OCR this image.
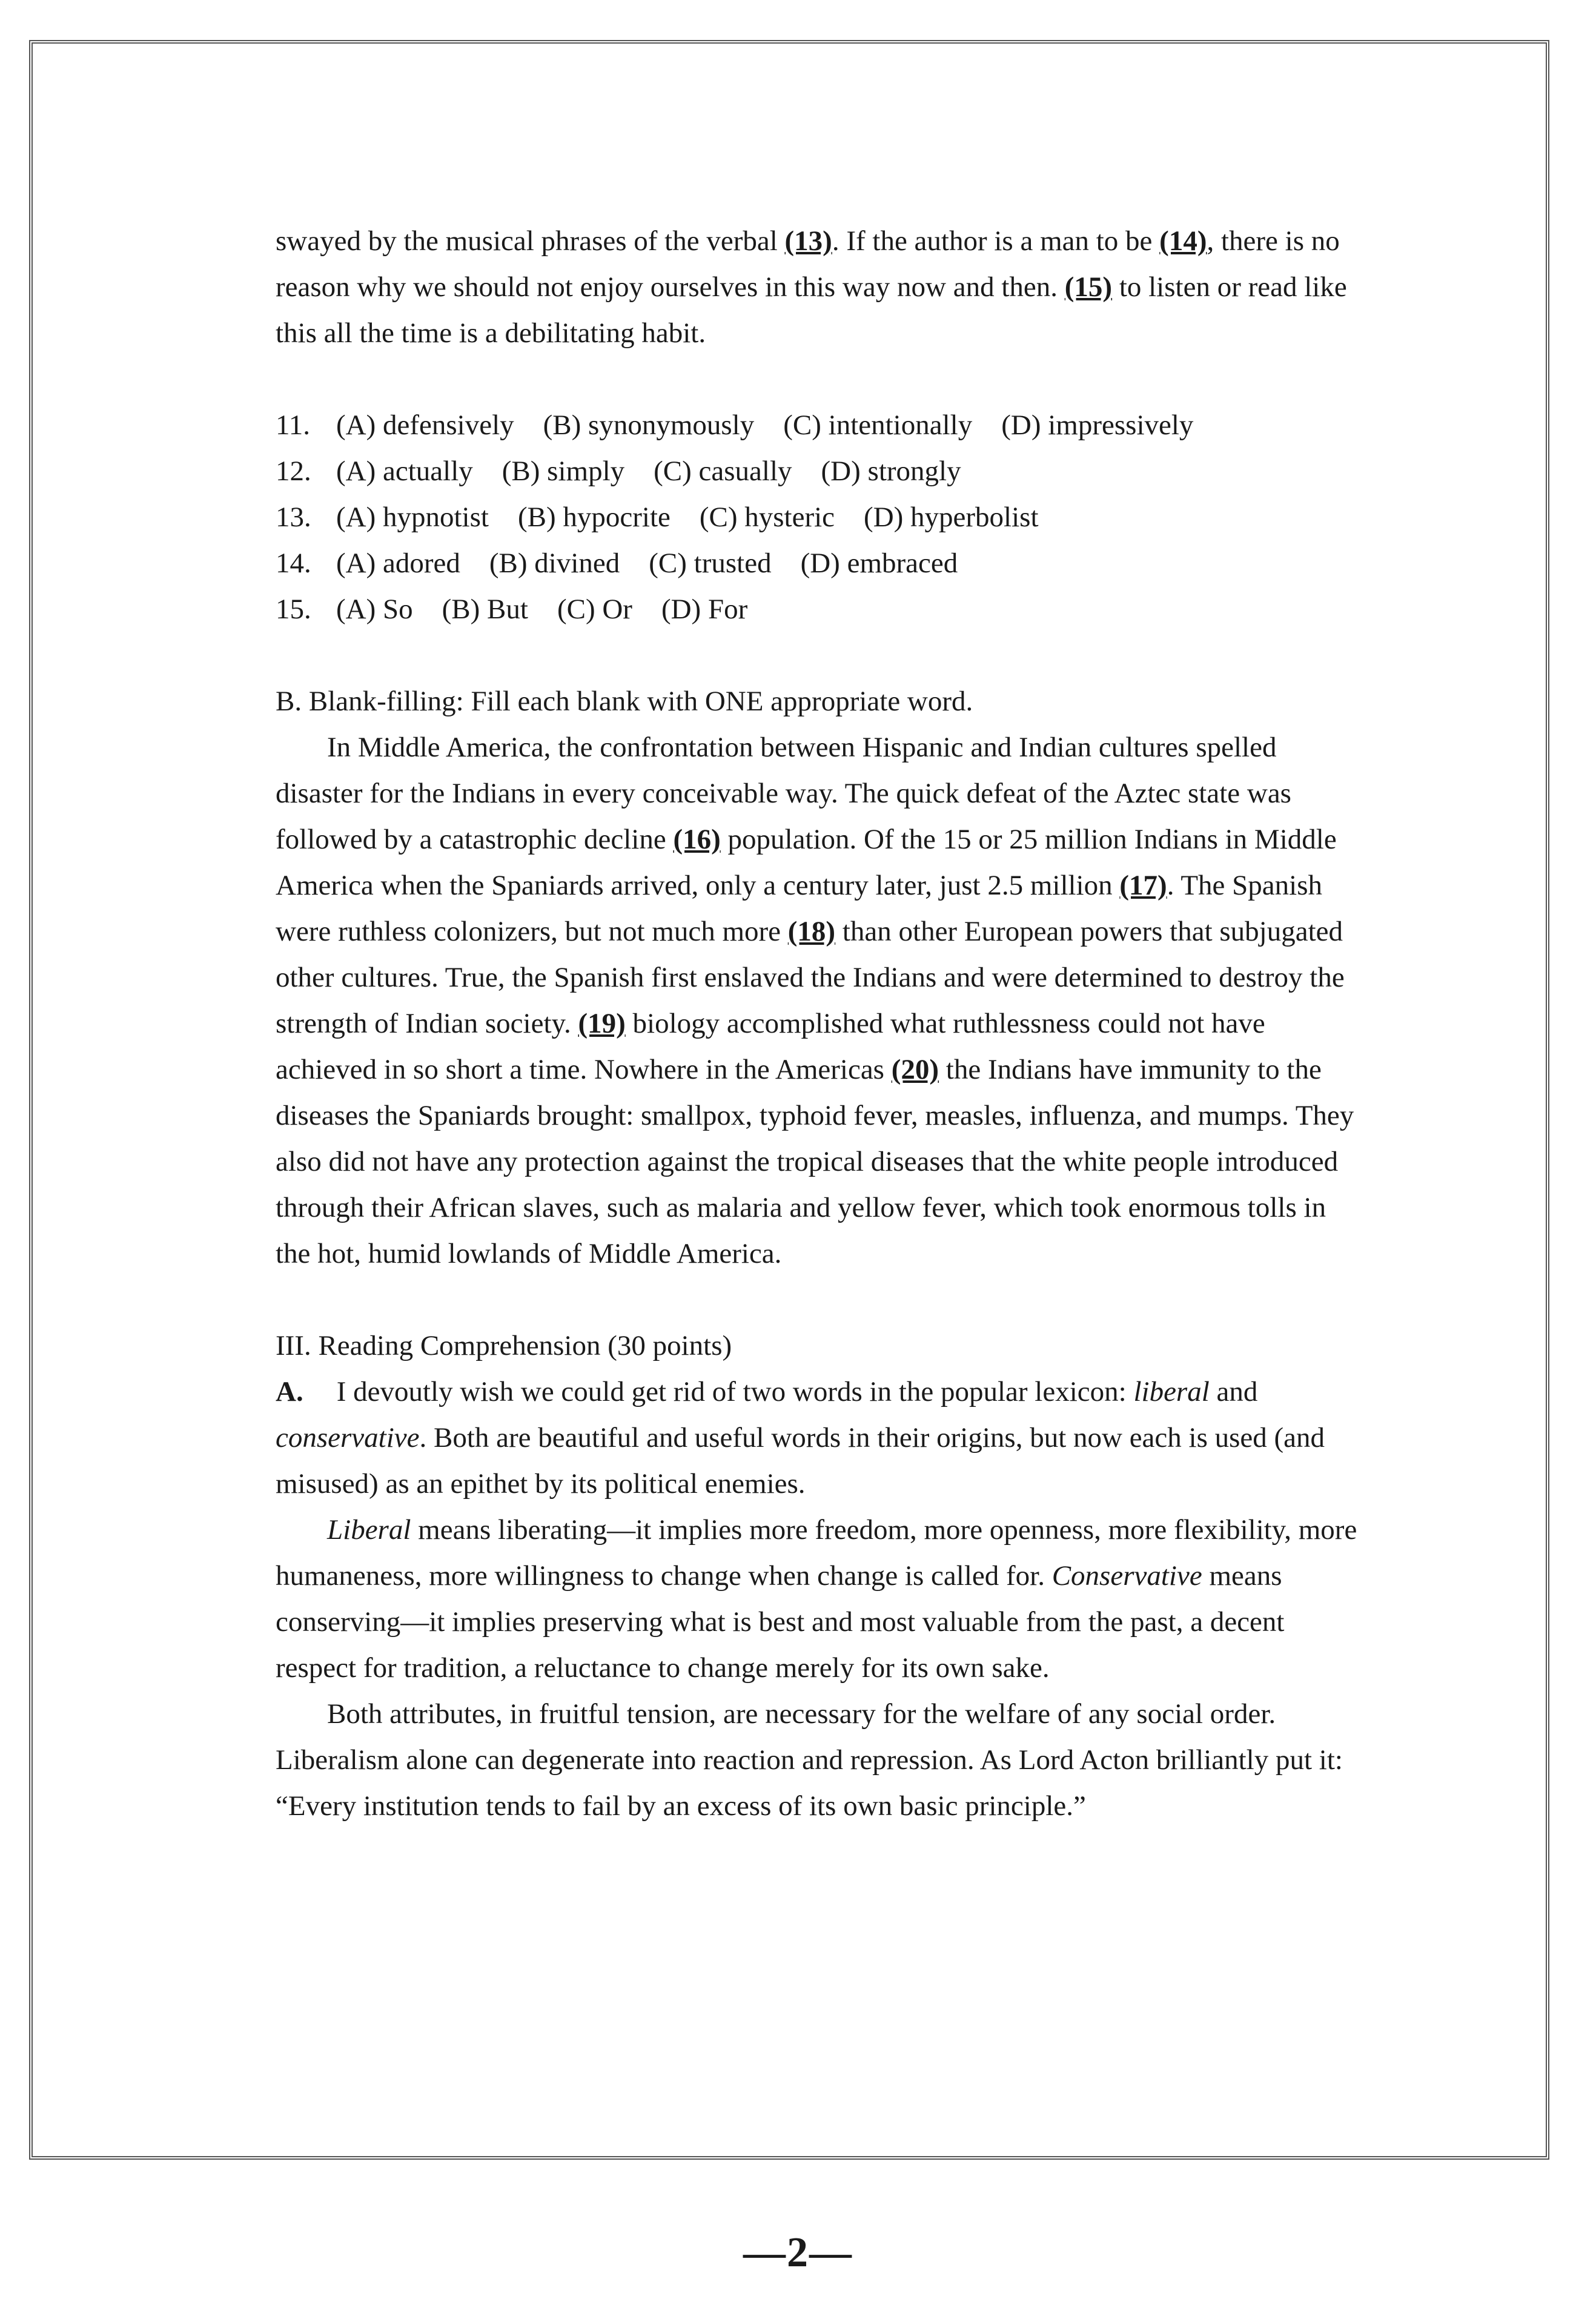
swayed by the musical phrases of the verbal (13). If the author is a man to be (14), there is no reason why we should not enjoy ourselves in this way now and then. (15) to listen or read like this all the time is a debilitating habit.

11. (A) defensively (B) synonymously (C) intentionally (D) impressively

12. (A) actually (B) simply (C) casually (D) strongly

13. (A) hypnotist (B) hypocrite (C) hysteric (D) hyperbolist

14. (A) adored (B) divined (C) trusted (D) embraced

15. (A) So (B) But (C) Or (D) For

B. Blank-filling: Fill each blank with ONE appropriate word.

In Middle America, the confrontation between Hispanic and Indian cultures spelled disaster for the Indians in every conceivable way. The quick defeat of the Aztec state was followed by a catastrophic decline (16) population. Of the 15 or 25 million Indians in Middle America when the Spaniards arrived, only a century later, just 2.5 million (17). The Spanish were ruthless colonizers, but not much more (18) than other European powers that subjugated other cultures. True, the Spanish first enslaved the Indians and were determined to destroy the strength of Indian society. (19) biology accomplished what ruthlessness could not have achieved in so short a time. Nowhere in the Americas (20) the Indians have immunity to the diseases the Spaniards brought: smallpox, typhoid fever, measles, influenza, and mumps. They also did not have any protection against the tropical diseases that the white people introduced through their African slaves, such as malaria and yellow fever, which took enormous tolls in the hot, humid lowlands of Middle America.

III. Reading Comprehension (30 points)

A. I devoutly wish we could get rid of two words in the popular lexicon: liberal and conservative. Both are beautiful and useful words in their origins, but now each is used (and misused) as an epithet by its political enemies.

Liberal means liberating—it implies more freedom, more openness, more flexibility, more humaneness, more willingness to change when change is called for. Conservative means conserving—it implies preserving what is best and most valuable from the past, a decent respect for tradition, a reluctance to change merely for its own sake.

Both attributes, in fruitful tension, are necessary for the welfare of any social order. Liberalism alone can degenerate into reaction and repression. As Lord Acton brilliantly put it: “Every institution tends to fail by an excess of its own basic principle.”

—2—
